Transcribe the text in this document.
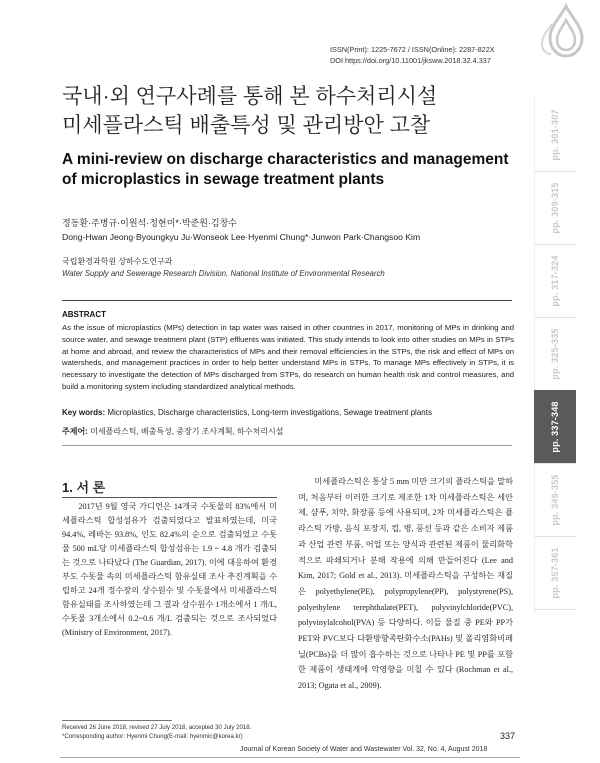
ISSN(Print): 1225-7672 / ISSN(Online): 2287-822X
DOI https://doi.org/10.11001/jksww.2018.32.4.337
국내·외 연구사례를 통해 본 하수처리시설
미세플라스틱 배출특성 및 관리방안 고찰
A mini-review on discharge characteristics and management of microplastics in sewage treatment plants
정동환·주병규·이원석·정현미*·박준원·김창수
Dong-Hwan Jeong·Byoungkyu Ju·Wonseok Lee·Hyenmi Chung*·Junwon Park·Changsoo Kim
국립환경과학원 상하수도연구과
Water Supply and Sewerage Research Division, National Institute of Environmental Research
ABSTRACT
As the issue of microplastics (MPs) detection in tap water was raised in other countries in 2017, monitoring of MPs in drinking and source water, and sewage treatment plant (STP) effluents was initiated. This study intends to look into other studies on MPs in STPs at home and abroad, and review the characteristics of MPs and their removal efficiencies in the STPs, the risk and effect of MPs on watersheds, and management practices in order to help better understand MPs in STPs. To manage MPs effectively in STPs, it is necessary to investigate the detection of MPs discharged from STPs, do research on human health risk and control measures, and build a monitoring system including standardized analytical methods.
Key words: Microplastics, Discharge characteristics, Long-term investigations, Sewage treatment plants
주제어: 미세플라스틱, 배출특성, 중장기 조사계획, 하수처리시설
1. 서 론

2017년 9월 영국 가디언은 14개국 수돗물의 83%에서 미세플라스틱 합성섬유가 검출되었다고 발표하였는데, 미국 94.4%, 레바논 93.8%, 인도 82.4%의 순으로 검출되었고 수돗물 500 mL당 미세플라스틱 합성섬유는 1.9 ~ 4.8 개가 검출되는 것으로 나타났다 (The Guardian, 2017). 이에 대응하여 환경부도 수돗물 속의 미세플라스틱 함유실태 조사 추진계획을 수립하고 24개 정수장의 상수원수 및 수돗물에서 미세플라스틱 함유실태를 조사하였는데 그 결과 상수원수 1개소에서 1 개/L, 수돗물 3개소에서 0.2~0.6 개/L 검출되는 것으로 조사되었다 (Ministry of Environment, 2017).

미세플라스틱은 통상 5 mm 미만 크기의 플라스틱을 말하며, 처음부터 이러한 크기로 제조한 1차 미세플라스틱은 세안제, 샴푸, 치약, 화장품 등에 사용되며, 2차 미세플라스틱은 플라스틱 가방, 음식 포장지, 컵, 병, 풍선 등과 같은 소비자 제품과 산업 관련 부품, 어업 또는 양식과 관련된 제품이 물리화학적으로 파쇄되거나 분해 작용에 의해 만들어진다 (Lee and Kim, 2017; Gold et al., 2013). 미세플라스틱을 구성하는 재질은 polyethylene(PE), polypropylene(PP), polystyrene(PS), polyethylene terephthalate(PET), polyvinylchloride(PVC), polyvinylalcohol(PVA) 등 다양하다. 이들 물질 중 PE와 PP가 PET와 PVC보다 다환방향족탄화수소(PAHs) 및 폴리염화비페닐(PCBs)을 더 많이 흡수하는 것으로 나타나 PE 및 PP를 포함한 제품이 생태계에 악영향을 미칠 수 있다 (Rochman et al., 2013; Ogata et al., 2009).

Received 26 June 2018, revised 27 July 2018, accepted 30 July 2018.
*Corresponding author: Hyenmi Chung(E-mail: hyenmic@korea.kr)	337
Journal of Korean Society of Water and Wastewater Vol. 32, No. 4, August 2018
pp. 301-307
pp. 309-315
pp. 317-324
pp. 325-335
pp. 337-348
pp. 349-355
pp. 357-361
